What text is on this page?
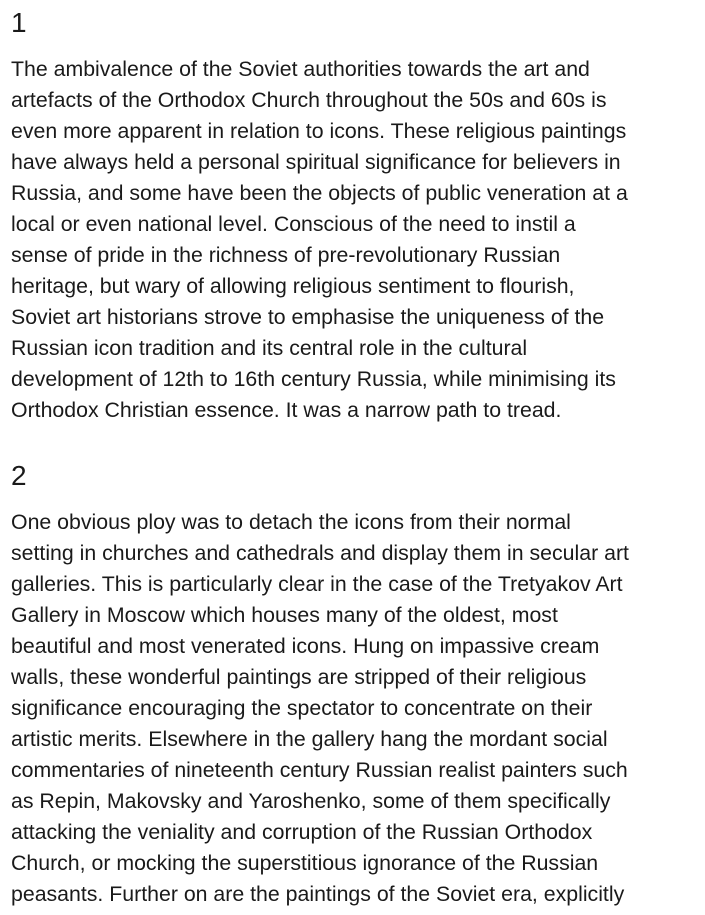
1

The ambivalence of the Soviet authorities towards the art and
artefacts of the Orthodox Church throughout the 50s and 60s is
even more apparent in relation to icons. These religious paintings
have always held a personal spiritual significance for believers in
Russia, and some have been the objects of public veneration at a
local or even national level. Conscious of the need to instil a
sense of pride in the richness of pre-revolutionary Russian
heritage, but wary of allowing religious sentiment to flourish,
Soviet art historians strove to emphasise the uniqueness of the
Russian icon tradition and its central role in the cultural
development of 12th to 16th century Russia, while minimising its
Orthodox Christian essence. It was a narrow path to tread.

2

One obvious ploy was to detach the icons from their normal
setting in churches and cathedrals and display them in secular art
galleries. This is particularly clear in the case of the Tretyakov Art
Gallery in Moscow which houses many of the oldest, most
beautiful and most venerated icons. Hung on impassive cream
walls, these wonderful paintings are stripped of their religious
significance encouraging the spectator to concentrate on their
artistic merits. Elsewhere in the gallery hang the mordant social
commentaries of nineteenth century Russian realist painters such
as Repin, Makovsky and Yaroshenko, some of them specifically
attacking the veniality and corruption of the Russian Orthodox
Church, or mocking the superstitious ignorance of the Russian
peasants. Further on are the paintings of the Soviet era, explicitly
